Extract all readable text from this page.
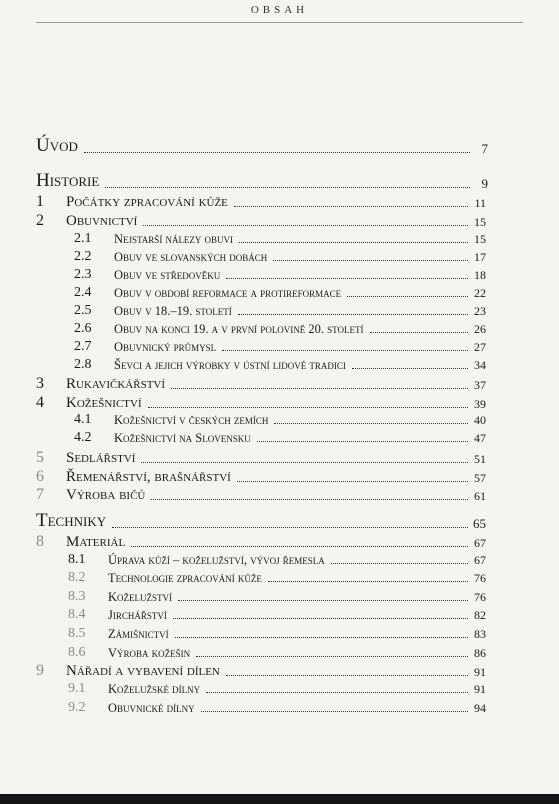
OBSAH
Úvod	7
Historie	9
1	Počátky zpracování kůže	11
2	Obuvnictví	15
2.1	Nejstarší nálezy obuvi	15
2.2	Obuv ve slovanských dobách	17
2.3	Obuv ve středověku	18
2.4	Obuv v období reformace a protireformace	22
2.5	Obuv v 18.–19. století	23
2.6	Obuv na konci 19. a v první polovině 20. století	26
2.7	Obuvnický průmysl	27
2.8	Ševci a jejich výrobky v ústní lidové tradici	34
3	Rukavičkářství	37
4	Kožešnictví	39
4.1	Kožešnictví v českých zemích	40
4.2	Kožešnictví na Slovensku	47
5	Sedlářství	51
6	Řemenářství, brašnářství	57
7	Výroba bičů	61
Techniky	65
8	Materiál	67
8.1	Úprava kůží – koželužství, vývoj řemesla	67
8.2	Technologie zpracování kůže	76
8.3	Koželužství	76
8.4	Jirchářství	82
8.5	Zámišnictví	83
8.6	Výroba kožešin	86
9	Nářadí a vybavení dílen	91
9.1	Koželužské dílny	91
9.2	Obuvnické dílny	94
